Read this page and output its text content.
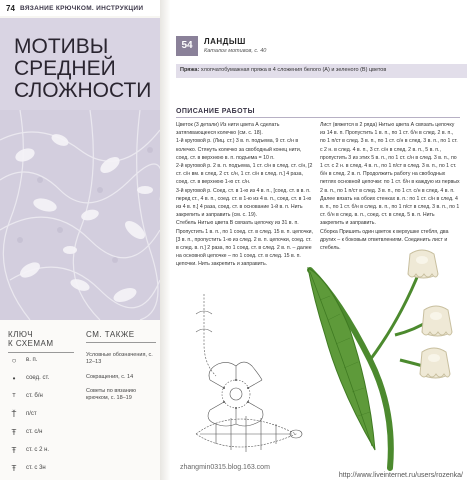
74 ВЯЗАНИЕ КРЮЧКОМ. ИНСТРУКЦИИ
МОТИВЫ
СРЕДНЕЙ
СЛОЖНОСТИ
КЛЮЧ
К СХЕМАМ
СМ. ТАКЖЕ
○	в. п.
•	соед. ст.
ᵀ	ст. б/н
Ť	п/ст
Ŧ	ст. с/н
Ŧ	ст. с 2 н.
Ŧ	ст. с 3н
Условные обозначения, с. 12–13
Сокращения, с. 14
Советы по вязанию крючком, с. 18–19
54	ЛАНДЫШ
Каталог мотивов, с. 40
Пряжа: хлопчатобумажная пряжа в 4 сложения белого (А) и зеленого (В) цветов
ОПИСАНИЕ РАБОТЫ

Цветок (3 детали) Из нити цвета А сделать затягивающееся колечко (см. с. 18).

1-й круговой р. (Лиц. ст.) 3 в. п. подъема, 9 ст. с/н в колечко. Стянуть колечко за свободный конец нити, соед. ст. в верхнюю в. п. подъема = 10 п.

2-й круговой р. 2 в. п. подъема, 1 ст. с/н в след. ст. с/н, [2 ст. с/н вм. в след. 2 ст. с/н, 1 ст. с/н в след. п.] 4 раза, соед. ст. в верхнюю 1-ю ст. с/н.

3-й круговой р. Соед. ст. в 1-ю из 4 в. п., [соед. ст. в в. п. перед ст., 4 в. п., соед. ст. в 1-ю из 4 в. п., соед. ст. в 1-ю из 4 в. п.] 4 раза, соед. ст. в основание 1-й в. п. Нить закрепить и заправить (см. с. 19).

Стебель Нитью цвета В связать цепочку из 31 в. п. Пропустить 1 в. п., по 1 соед. ст. в след. 15 в. п. цепочки, [3 в. п., пропустить 1-ю из след. 2 в. п. цепочки, соед. ст. в след. в. п.] 2 раза, по 1 соед. ст. в след. 2 в. п. – далее на основной цепочке – по 1 соед. ст. в след. 15 в. п. цепочки. Нить закрепить и заправить.

Лист (вяжется в 2 ряда) Нитью цвета А связать цепочку из 14 в. п. Пропустить 1 в. п., по 1 ст. б/н в след. 2 в. п., по 1 п/ст в след. 3 в. п., по 1 ст. с/н в след. 3 в. п., по 1 ст. с 2 н. в след. 4 в. п., 3 ст. с/н в след. 2 в. п., 5 в. п., пропустить 3 из этих 5 в. п., по 1 ст. с/н в след. 3 в. п., по 1 ст. с 2 н. в след. 4 в. п., по 1 п/ст в след. 3 в. п., по 1 ст. б/н в след. 2 в. п. Продолжить работу на свободных петлях основной цепочки: по 1 ст. б/н в каждую из первых 2 в. п., по 1 п/ст в след. 3 в. п., по 1 ст. с/н в след. 4 в. п. Далее вязать на обоих стенках в. п.: по 1 ст. с/н в след. 4 в. п., по 1 ст. б/н в след. в. п., по 1 п/ст в след. 3 в. п., по 1 ст. б/н в след. в. п., соед. ст. в след. 5 в. п. Нить закрепить и заправить.

Сборка Пришить один цветок к верхушке стебля, два других – к боковым ответвлениям. Соединить лист и стебель.

zhangmin0315.blog.163.com
http://www.liveinternet.ru/users/rozenka/
